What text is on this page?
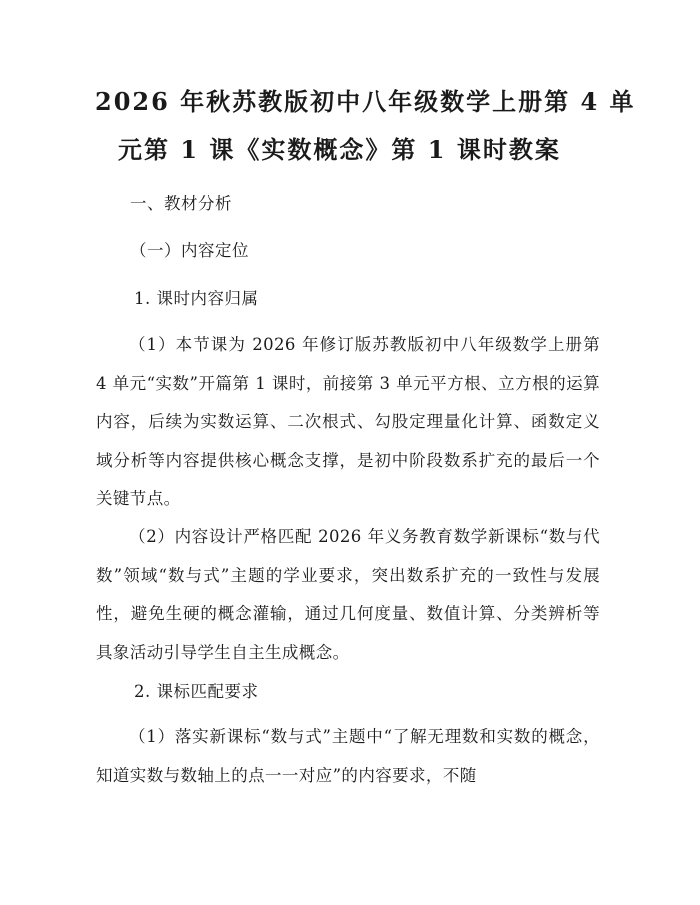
2026 年秋苏教版初中八年级数学上册第 4 单
元第 1 课《实数概念》第 1 课时教案
一、教材分析
（一）内容定位
1. 课时内容归属
（1）本节课为 2026 年修订版苏教版初中八年级数学上册第 4 单元“实数”开篇第 1 课时，前接第 3 单元平方根、立方根的运算内容，后续为实数运算、二次根式、勾股定理量化计算、函数定义域分析等内容提供核心概念支撑，是初中阶段数系扩充的最后一个关键节点。
（2）内容设计严格匹配 2026 年义务教育数学新课标“数与代数”领域“数与式”主题的学业要求，突出数系扩充的一致性与发展性，避免生硬的概念灌输，通过几何度量、数值计算、分类辨析等具象活动引导学生自主生成概念。
2. 课标匹配要求
（1）落实新课标“数与式”主题中“了解无理数和实数的概念，知道实数与数轴上的点一一对应”的内容要求，不随
